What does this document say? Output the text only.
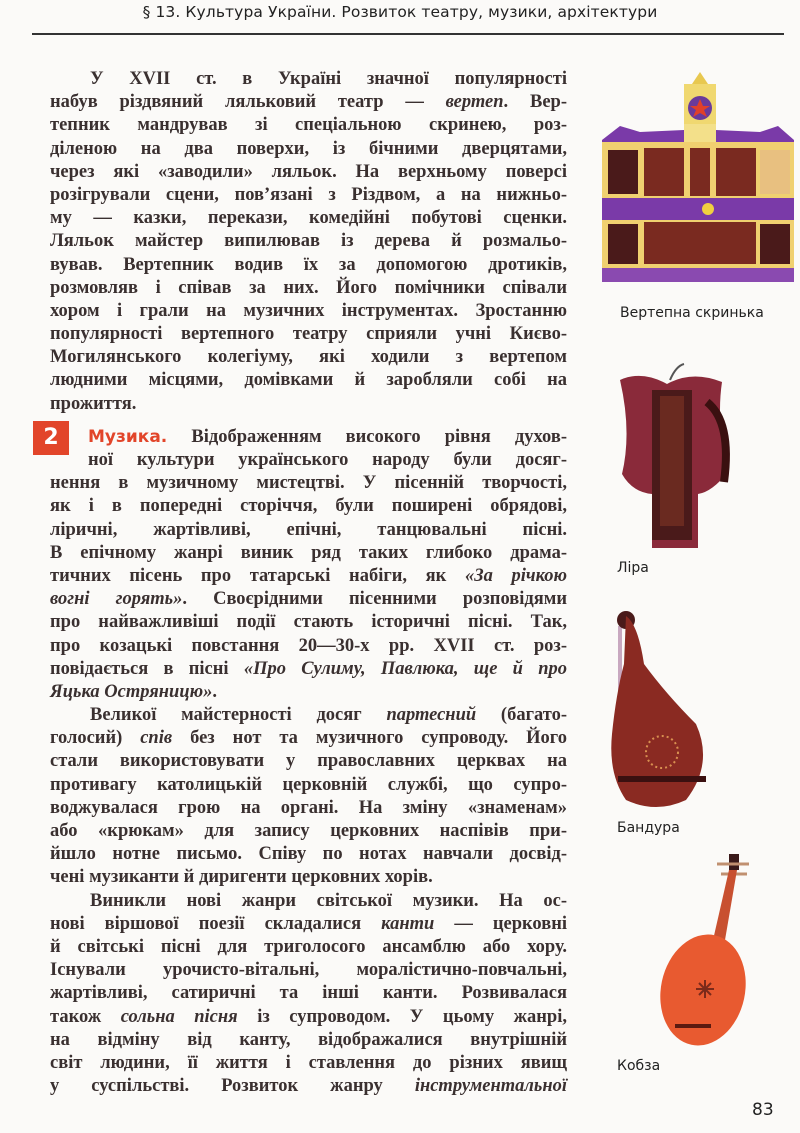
§ 13. Культура України. Розвиток театру, музики, архітектури
2
У XVII ст. в Україні значної популярності
набув різдвяний ляльковий театр — вертеп. Вер-
тепник мандрував зі спеціальною скринею, роз-
діленою на два поверхи, із бічними дверцятами,
через які «заводили» ляльок. На верхньому поверсі
розігрували сцени, пов’язані з Різдвом, а на нижньо-
му — казки, перекази, комедійні побутові сценки.
Ляльок майстер випилював із дерева й розмальо-
вував. Вертепник водив їх за допомогою дротиків,
розмовляв і співав за них. Його помічники співали
хором і грали на музичних інструментах. Зростанню
популярності вертепного театру сприяли учні Києво-
Могилянського колегіуму, які ходили з вертепом
людними місцями, домівками й заробляли собі на
прожиття.
Музика. Відображенням високого рівня духов-
ної культури українського народу були досяг-
нення в музичному мистецтві. У пісенній творчості,
як і в попередні сторіччя, були поширені обрядові,
ліричні, жартівливі, епічні, танцювальні пісні.
В епічному жанрі виник ряд таких глибоко драма-
тичних пісень про татарські набіги, як «За річкою
вогні горять». Своєрідними пісенними розповідями
про найважливіші події стають історичні пісні. Так,
про козацькі повстання 20—30-х рр. XVII ст. роз-
повідається в пісні «Про Сулиму, Павлюка, ще й про
Яцька Остряницю».
Великої майстерності досяг партесний (багато-
голосий) спів без нот та музичного супроводу. Його
стали використовувати у православних церквах на
противагу католицькій церковній службі, що супро-
воджувалася грою на органі. На зміну «знаменам»
або «крюкам» для запису церковних наспівів при-
йшло нотне письмо. Співу по нотах навчали досвід-
чені музиканти й диригенти церковних хорів.
Виникли нові жанри світської музики. На ос-
нові віршової поезії складалися канти — церковні
й світські пісні для триголосого ансамблю або хору.
Існували урочисто-вітальні, моралістично-повчальні,
жартівливі, сатиричні та інші канти. Розвивалася
також сольна пісня із супроводом. У цьому жанрі,
на відміну від канту, відображалися внутрішній
світ людини, її життя і ставлення до різних явищ
у суспільстві. Розвиток жанру інструментальної
Вертепна скринька
Ліра
Бандура
Кобза
83
